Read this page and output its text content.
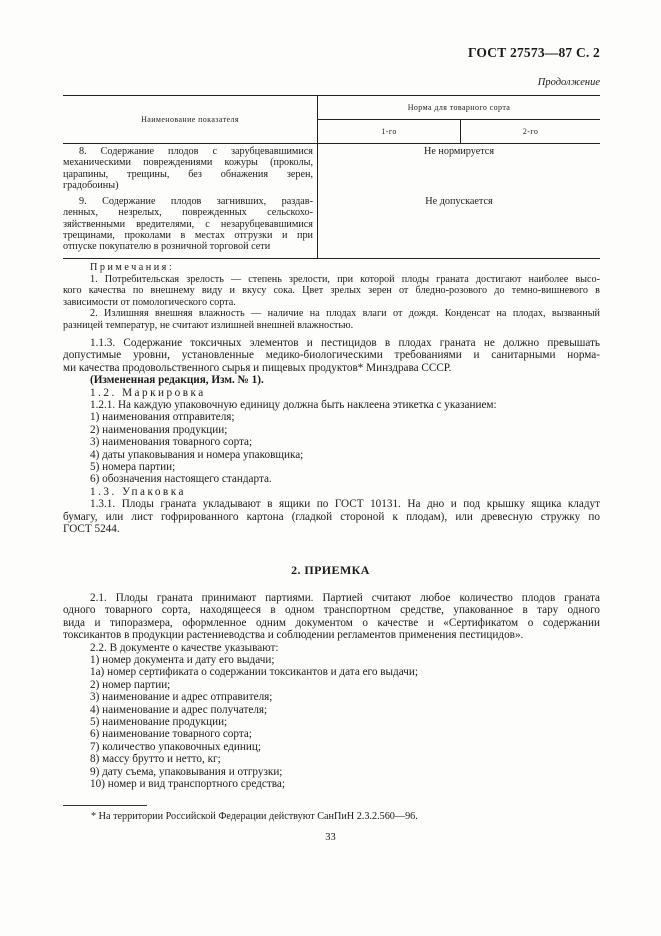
ГОСТ 27573—87 С. 2
Продолжение
Наименование показателя	Норма для товарного сорта	
	1-го	2-го

8. Содержание плодов с зарубцевавшимися
механическими повреждениями кожуры (проколы,
царапины, трещины, без обнажения зерен,
градобоины)	Не нормируется	

9. Содержание плодов загнивших, раздав-
ленных, незрелых, поврежденных сельскохо-
зяйственными вредителями, с незарубцевавшимися
трещинами, проколами в местах отгрузки и при
отпуске покупателю в розничной торговой сети	Не допускается	

Примечания:

1. Потребительская зрелость — степень зрелости, при которой плоды граната достигают наиболее высо-

кого качества по внешнему виду и вкусу сока. Цвет зрелых зерен от бледно-розового до темно-вишневого в

зависимости от помологического сорта.

2. Излишняя внешняя влажность — наличие на плодах влаги от дождя. Конденсат на плодах, вызванный

разницей температур, не считают излишней внешней влажностью.

1.1.3. Содержание токсичных элементов и пестицидов в плодах граната не должно превышать

допустимые уровни, установленные медико-биологическими требованиями и санитарными норма-

ми качества продовольственного сырья и пищевых продуктов* Минздрава СССР.

(Измененная редакция, Изм. № 1).

1.2. Маркировка

1.2.1. На каждую упаковочную единицу должна быть наклеена этикетка с указанием:

1) наименования отправителя;

2) наименования продукции;

3) наименования товарного сорта;

4) даты упаковывания и номера упаковщика;

5) номера партии;

6) обозначения настоящего стандарта.

1.3. Упаковка

1.3.1. Плоды граната укладывают в ящики по ГОСТ 10131. На дно и под крышку ящика кладут

бумагу, или лист гофрированного картона (гладкой стороной к плодам), или древесную стружку по

ГОСТ 5244.

2. ПРИЕМКА

2.1. Плоды граната принимают партиями. Партией считают любое количество плодов граната

одного товарного сорта, находящееся в одном транспортном средстве, упакованное в тару одного

вида и типоразмера, оформленное одним документом о качестве и «Сертификатом о содержании

токсикантов в продукции растениеводства и соблюдении регламентов применения пестицидов».

2.2. В документе о качестве указывают:

1) номер документа и дату его выдачи;

1а) номер сертификата о содержании токсикантов и дата его выдачи;

2) номер партии;

3) наименование и адрес отправителя;

4) наименование и адрес получателя;

5) наименование продукции;

6) наименование товарного сорта;

7) количество упаковочных единиц;

8) массу брутто и нетто, кг;

9) дату съема, упаковывания и отгрузки;

10) номер и вид транспортного средства;

* На территории Российской Федерации действуют СанПиН 2.3.2.560—96.
33
